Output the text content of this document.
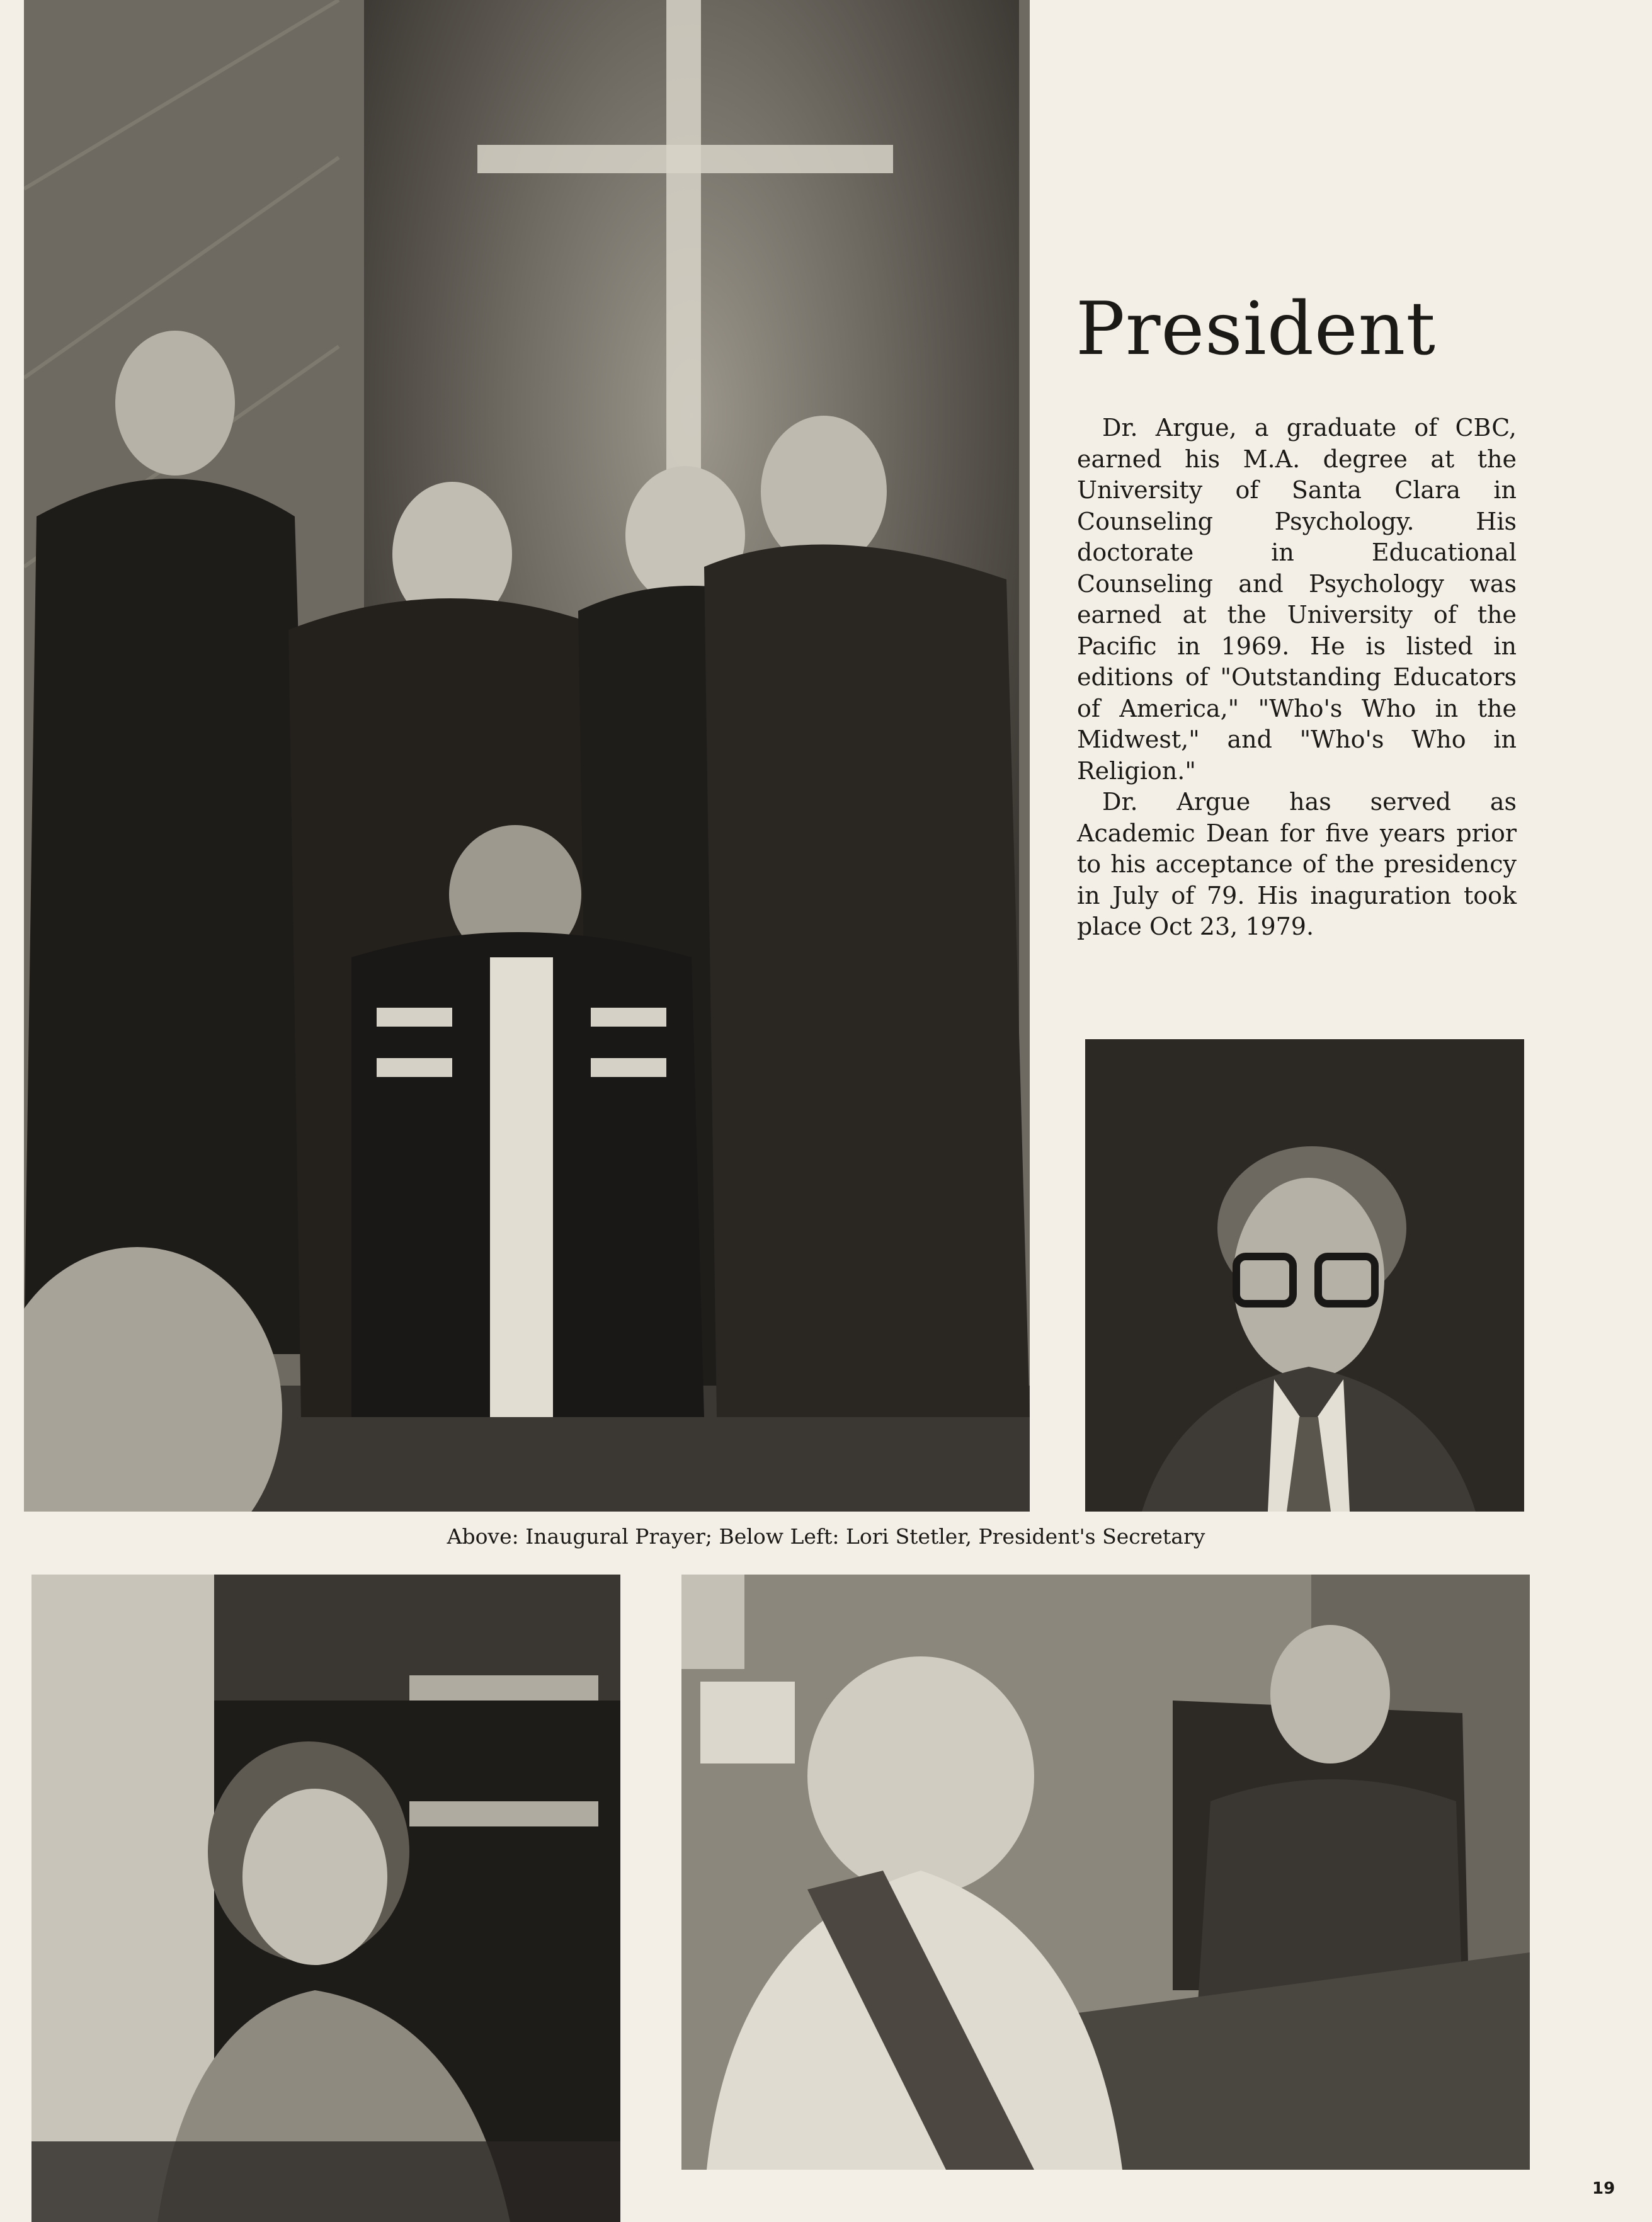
President

Dr. Argue, a graduate of CBC, earned his M.A. degree at the University of Santa Clara in Counseling Psychology. His doctorate in Educational Counseling and Psychology was earned at the University of the Pacific in 1969. He is listed in editions of "Outstanding Educators of America," "Who's Who in the Midwest," and "Who's Who in Religion."

Dr. Argue has served as Academic Dean for five years prior to his acceptance of the presidency in July of 79. His inaguration took place Oct 23, 1979.

Above: Inaugural Prayer; Below Left: Lori Stetler, President's Secretary
19
